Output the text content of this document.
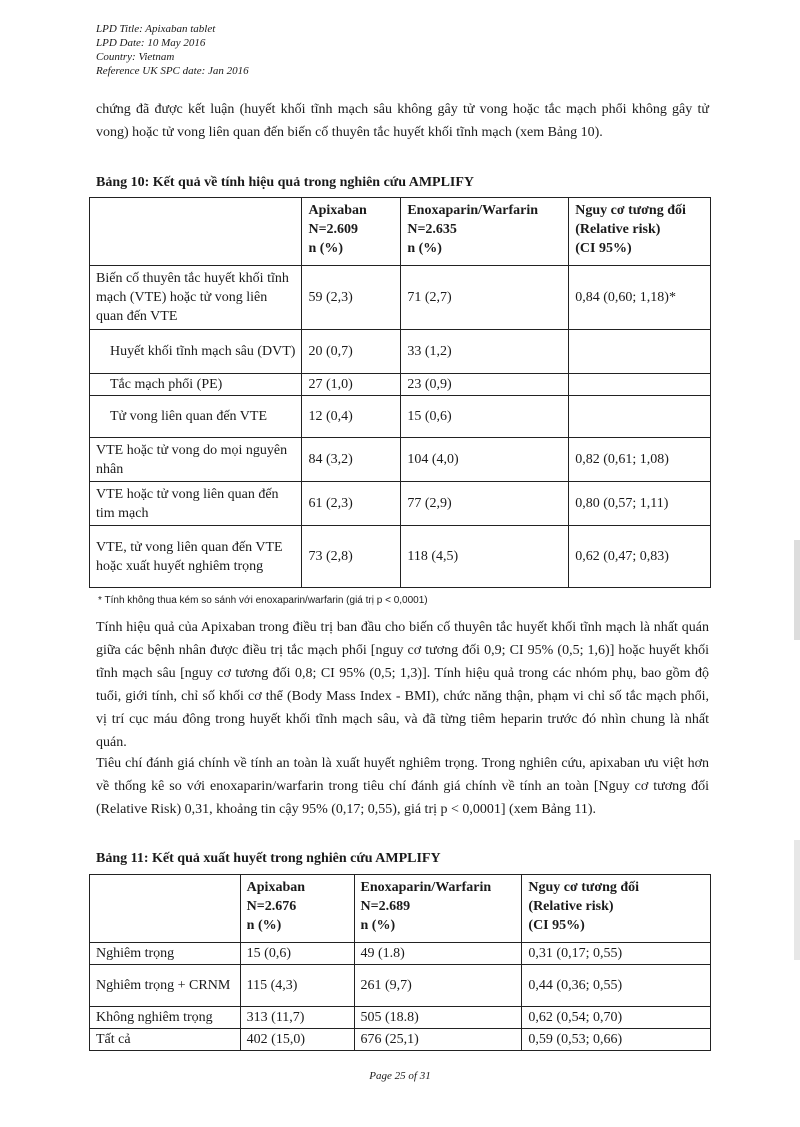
LPD Title: Apixaban tablet
LPD Date: 10 May 2016
Country: Vietnam
Reference UK SPC date: Jan 2016
chứng đã được kết luận (huyết khối tĩnh mạch sâu không gây tử vong hoặc tắc mạch phổi không gây tử vong) hoặc tử vong liên quan đến biến cố thuyên tắc huyết khối tĩnh mạch (xem Bảng 10).
Bảng 10: Kết quả về tính hiệu quả trong nghiên cứu AMPLIFY

	Apixaban
N=2.609
n (%)	Enoxaparin/Warfarin
N=2.635
n (%)	Nguy cơ tương đối
(Relative risk)
(CI 95%)

Biến cố thuyên tắc huyết khối tĩnh mạch (VTE) hoặc tử vong liên quan đến VTE	59 (2,3)	71 (2,7)	0,84 (0,60; 1,18)*
Huyết khối tĩnh mạch sâu (DVT)	20 (0,7)	33 (1,2)	
Tắc mạch phổi (PE)	27 (1,0)	23 (0,9)	
Tử vong liên quan đến VTE	12 (0,4)	15 (0,6)	
VTE hoặc tử vong do mọi nguyên nhân	84 (3,2)	104 (4,0)	0,82 (0,61; 1,08)
VTE hoặc tử vong liên quan đến tim mạch	61 (2,3)	77 (2,9)	0,80 (0,57; 1,11)
VTE, tử vong liên quan đến VTE hoặc xuất huyết nghiêm trọng	73 (2,8)	118 (4,5)	0,62 (0,47; 0,83)
* Tính không thua kém so sánh với enoxaparin/warfarin (giá trị p < 0,0001)
Tính hiệu quả của Apixaban trong điều trị ban đầu cho biến cố thuyên tắc huyết khối tĩnh mạch là nhất quán giữa các bệnh nhân được điều trị tắc mạch phổi [nguy cơ tương đối 0,9; CI 95% (0,5; 1,6)] hoặc huyết khối tĩnh mạch sâu [nguy cơ tương đối 0,8; CI 95% (0,5; 1,3)]. Tính hiệu quả trong các nhóm phụ, bao gồm độ tuổi, giới tính, chỉ số khối cơ thể (Body Mass Index - BMI), chức năng thận, phạm vi chỉ số tắc mạch phổi, vị trí cục máu đông trong huyết khối tĩnh mạch sâu, và đã từng tiêm heparin trước đó nhìn chung là nhất quán.
Tiêu chí đánh giá chính về tính an toàn là xuất huyết nghiêm trọng. Trong nghiên cứu, apixaban ưu việt hơn về thống kê so với enoxaparin/warfarin trong tiêu chí đánh giá chính về tính an toàn [Nguy cơ tương đối (Relative Risk) 0,31, khoảng tin cậy 95% (0,17; 0,55), giá trị p < 0,0001] (xem Bảng 11).
Bảng 11: Kết quả xuất huyết trong nghiên cứu AMPLIFY

	Apixaban
N=2.676
n (%)	Enoxaparin/Warfarin
N=2.689
n (%)	Nguy cơ tương đối
(Relative risk)
(CI 95%)

Nghiêm trọng	15 (0,6)	49 (1.8)	0,31 (0,17; 0,55)
Nghiêm trọng + CRNM	115 (4,3)	261 (9,7)	0,44 (0,36; 0,55)
Không nghiêm trọng	313 (11,7)	505 (18.8)	0,62 (0,54; 0,70)
Tất cả	402 (15,0)	676 (25,1)	0,59 (0,53; 0,66)
Page 25 of 31
